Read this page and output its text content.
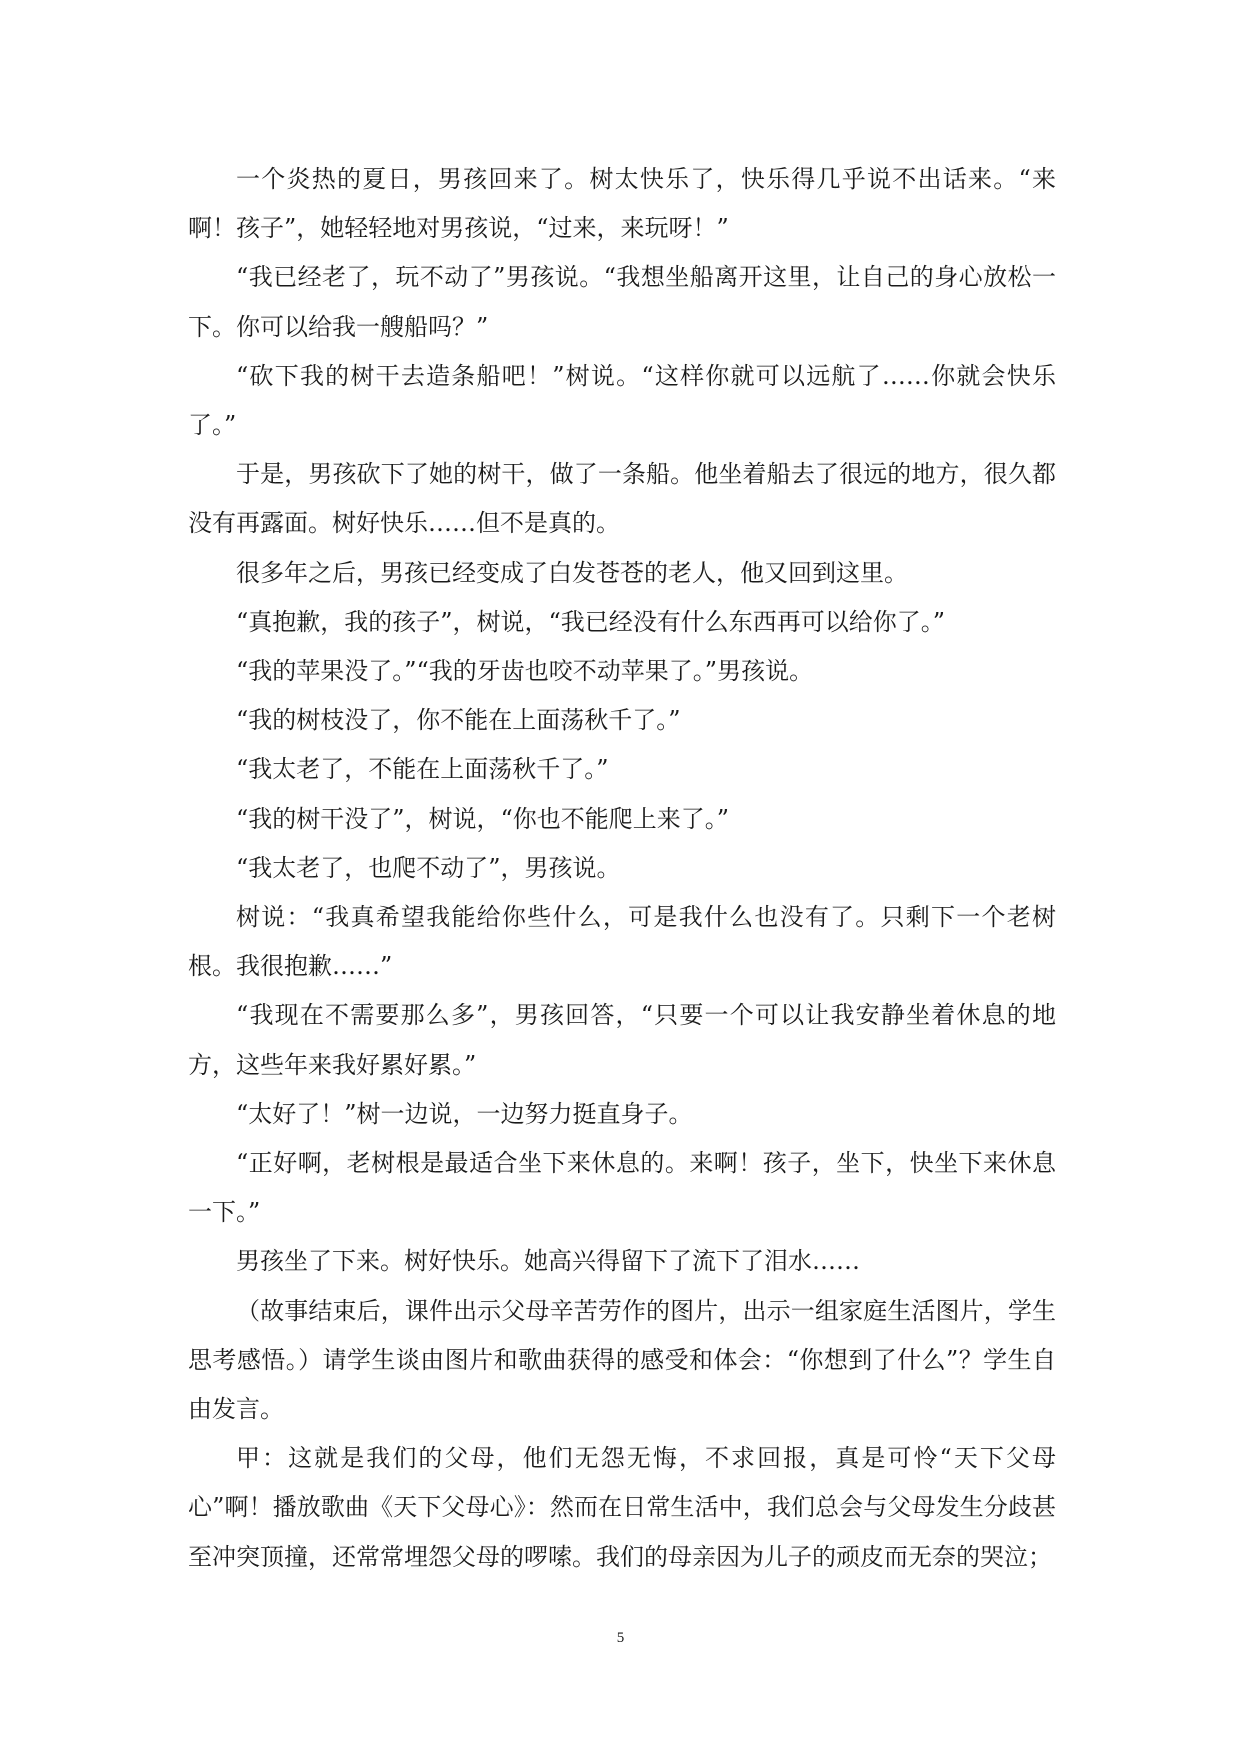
一个炎热的夏日，男孩回来了。树太快乐了，快乐得几乎说不出话来。“来啊！孩子”，她轻轻地对男孩说，“过来，来玩呀！”

“我已经老了，玩不动了”男孩说。“我想坐船离开这里，让自己的身心放松一下。你可以给我一艘船吗？”

“砍下我的树干去造条船吧！”树说。“这样你就可以远航了……你就会快乐了。”

于是，男孩砍下了她的树干，做了一条船。他坐着船去了很远的地方，很久都没有再露面。树好快乐……但不是真的。

很多年之后，男孩已经变成了白发苍苍的老人，他又回到这里。

“真抱歉，我的孩子”，树说，“我已经没有什么东西再可以给你了。”

“我的苹果没了。”“我的牙齿也咬不动苹果了。”男孩说。

“我的树枝没了，你不能在上面荡秋千了。”

“我太老了，不能在上面荡秋千了。”

“我的树干没了”，树说，“你也不能爬上来了。”

“我太老了，也爬不动了”，男孩说。

树说：“我真希望我能给你些什么，可是我什么也没有了。只剩下一个老树根。我很抱歉……”

“我现在不需要那么多”，男孩回答，“只要一个可以让我安静坐着休息的地方，这些年来我好累好累。”

“太好了！”树一边说，一边努力挺直身子。

“正好啊，老树根是最适合坐下来休息的。来啊！孩子，坐下，快坐下来休息一下。”

男孩坐了下来。树好快乐。她高兴得留下了流下了泪水……

（故事结束后，课件出示父母辛苦劳作的图片，出示一组家庭生活图片，学生思考感悟。）请学生谈由图片和歌曲获得的感受和体会：“你想到了什么”？学生自由发言。

甲：这就是我们的父母，他们无怨无悔，不求回报，真是可怜“天下父母心”啊！播放歌曲《天下父母心》：然而在日常生活中，我们总会与父母发生分歧甚至冲突顶撞，还常常埋怨父母的啰嗦。我们的母亲因为儿子的顽皮而无奈的哭泣；

5
